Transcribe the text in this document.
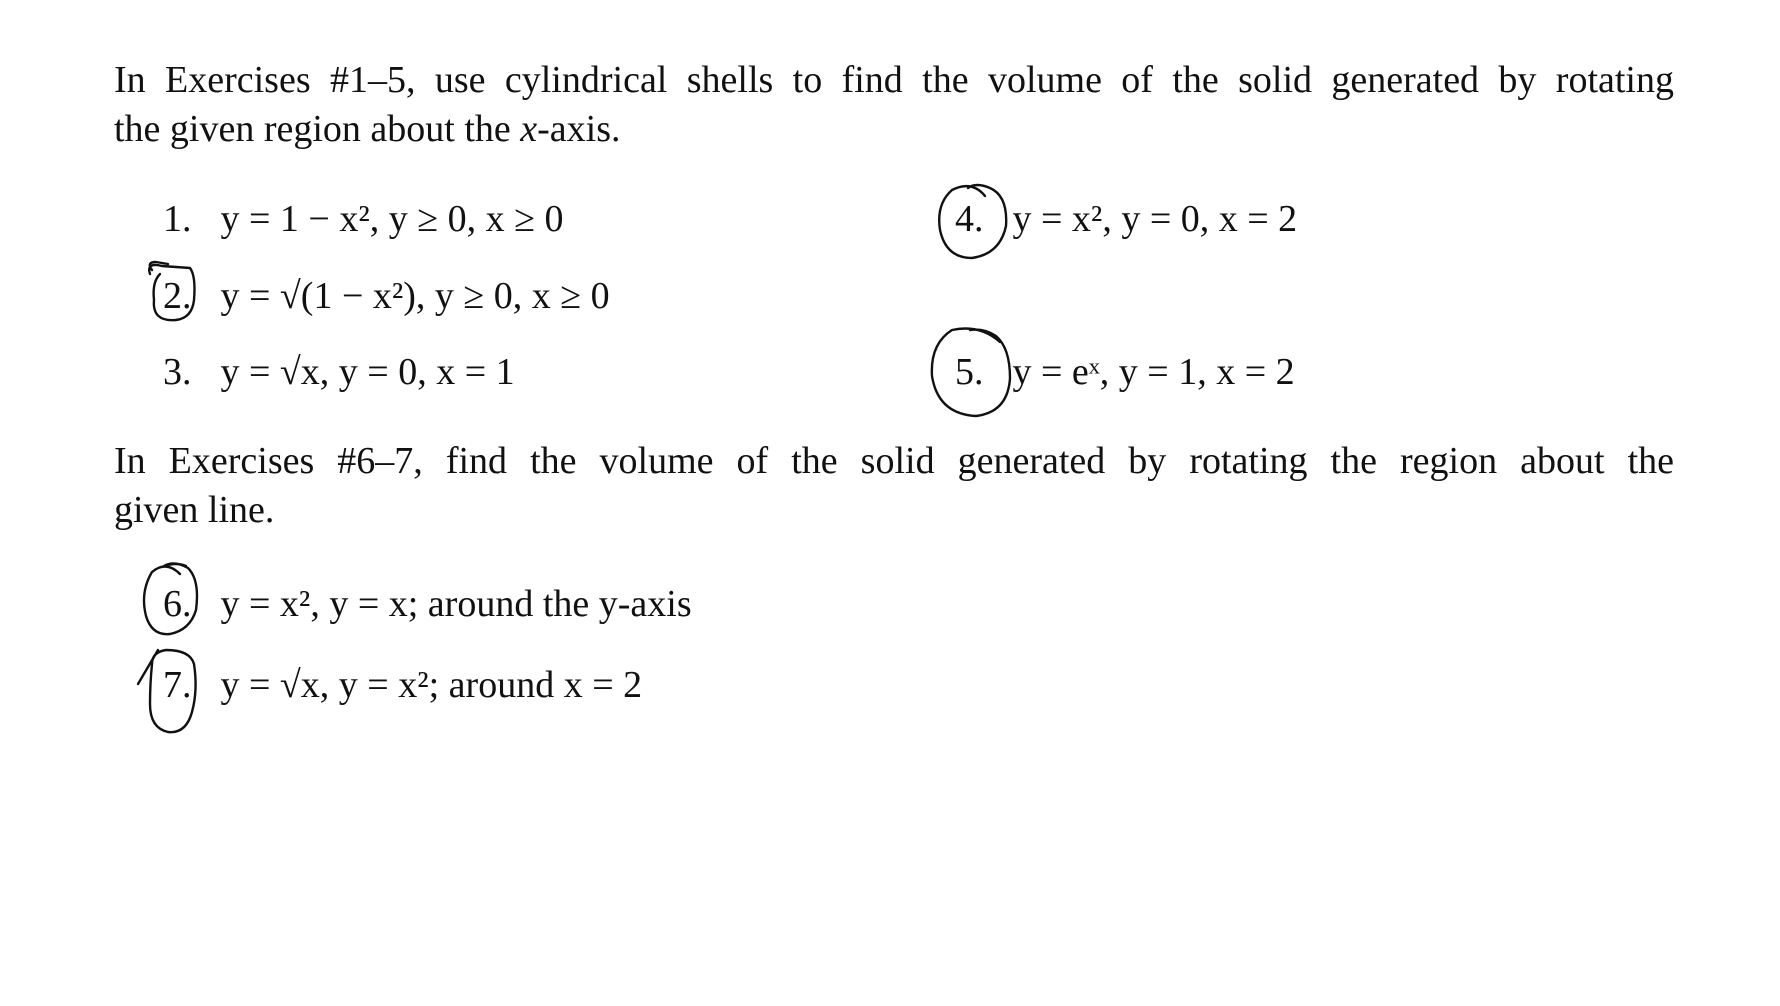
In Exercises #1–5, use cylindrical shells to find the volume of the solid generated by rotating
the given region about the x-axis.

1. y = 1 − x², y ≥ 0, x ≥ 0
2. y = √(1 − x²), y ≥ 0, x ≥ 0
3. y = √x, y = 0, x = 1
4. y = x², y = 0, x = 2
5. y = eˣ, y = 1, x = 2

In Exercises #6–7, find the volume of the solid generated by rotating the region about the
given line.

6. y = x², y = x; around the y-axis
7. y = √x, y = x²; around x = 2
